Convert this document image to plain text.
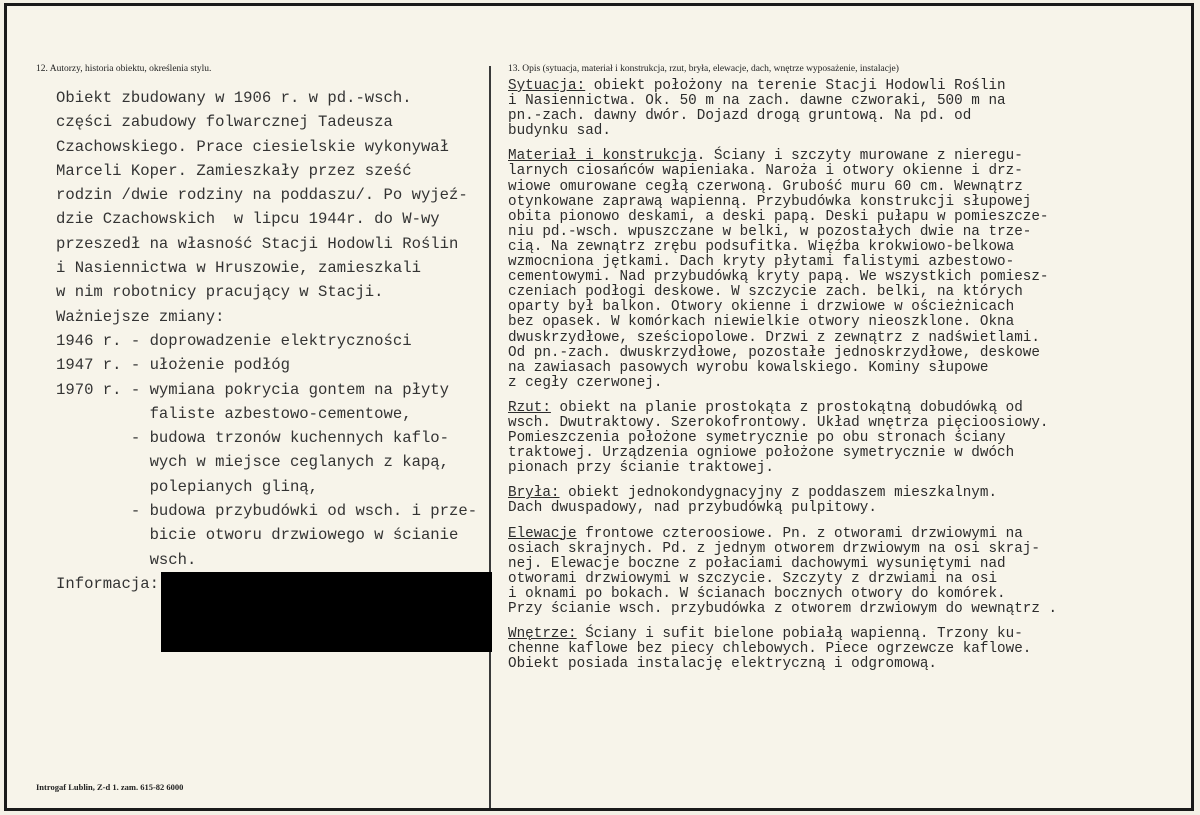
12. Autorzy, historia obiektu, określenia stylu.	13. Opis (sytuacja, materiał i konstrukcja, rzut, bryła, elewacje, dach, wnętrze wyposażenie, instalacje)
Obiekt zbudowany w 1906 r. w pd.-wsch.
części zabudowy folwarcznej Tadeusza
Czachowskiego. Prace ciesielskie wykonywał
Marceli Koper. Zamieszkały przez sześć
rodzin /dwie rodziny na poddaszu/. Po wyjeź-
dzie Czachowskich  w lipcu 1944r. do W-wy
przeszedł na własność Stacji Hodowli Roślin
i Nasiennictwa w Hruszowie, zamieszkali
w nim robotnicy pracujący w Stacji.
Ważniejsze zmiany:
1946 r. - doprowadzenie elektryczności
1947 r. - ułożenie podłóg
1970 r. - wymiana pokrycia gontem na płyty
faliste azbestowo-cementowe,
- budowa trzonów kuchennych kaflo-
wych w miejsce ceglanych z kapą,
polepianych gliną,
- budowa przybudówki od wsch. i prze-
bicie otworu drzwiowego w ścianie
wsch.
Informacja:
Sytuacja: obiekt położony na terenie Stacji Hodowli Roślin
i Nasiennictwa. Ok. 50 m na zach. dawne czworaki, 500 m na
pn.-zach. dawny dwór. Dojazd drogą gruntową. Na pd. od
budynku sad.
Materiał i konstrukcja. Ściany i szczyty murowane z nieregu-
larnych ciosańców wapieniaka. Naroża i otwory okienne i drz-
wiowe omurowane cegłą czerwoną. Grubość muru 60 cm. Wewnątrz
otynkowane zaprawą wapienną. Przybudówka konstrukcji słupowej
obita pionowo deskami, a deski papą. Deski pułapu w pomieszcze-
niu pd.-wsch. wpuszczane w belki, w pozostałych dwie na trze-
cią. Na zewnątrz zrębu podsufitka. Więźba krokwiowo-belkowa
wzmocniona jętkami. Dach kryty płytami falistymi azbestowo-
cementowymi. Nad przybudówką kryty papą. We wszystkich pomiesz-
czeniach podłogi deskowe. W szczycie zach. belki, na których
oparty był balkon. Otwory okienne i drzwiowe w ościeżnicach
bez opasek. W komórkach niewielkie otwory nieoszklone. Okna
dwuskrzydłowe, sześciopolowe. Drzwi z zewnątrz z nadświetlami.
Od pn.-zach. dwuskrzydłowe, pozostałe jednoskrzydłowe, deskowe
na zawiasach pasowych wyrobu kowalskiego. Kominy słupowe
z cegły czerwonej.
Rzut: obiekt na planie prostokąta z prostokątną dobudówką od
wsch. Dwutraktowy. Szerokofrontowy. Układ wnętrza pięcioosiowy.
Pomieszczenia położone symetrycznie po obu stronach ściany
traktowej. Urządzenia ogniowe położone symetrycznie w dwóch
pionach przy ścianie traktowej.
Bryła: obiekt jednokondygnacyjny z poddaszem mieszkalnym.
Dach dwuspadowy, nad przybudówką pulpitowy.
Elewacje frontowe czteroosiowe. Pn. z otworami drzwiowymi na
osiach skrajnych. Pd. z jednym otworem drzwiowym na osi skraj-
nej. Elewacje boczne z połaciami dachowymi wysuniętymi nad
otworami drzwiowymi w szczycie. Szczyty z drzwiami na osi
i oknami po bokach. W ścianach bocznych otwory do komórek.
Przy ścianie wsch. przybudówka z otworem drzwiowym do wewnątrz .
Wnętrze: Ściany i sufit bielone pobiałą wapienną. Trzony ku-
chenne kaflowe bez piecy chlebowych. Piece ogrzewcze kaflowe.
Obiekt posiada instalację elektryczną i odgromową.
Introgaf Lublin, Z-d 1. zam. 615-82 6000
